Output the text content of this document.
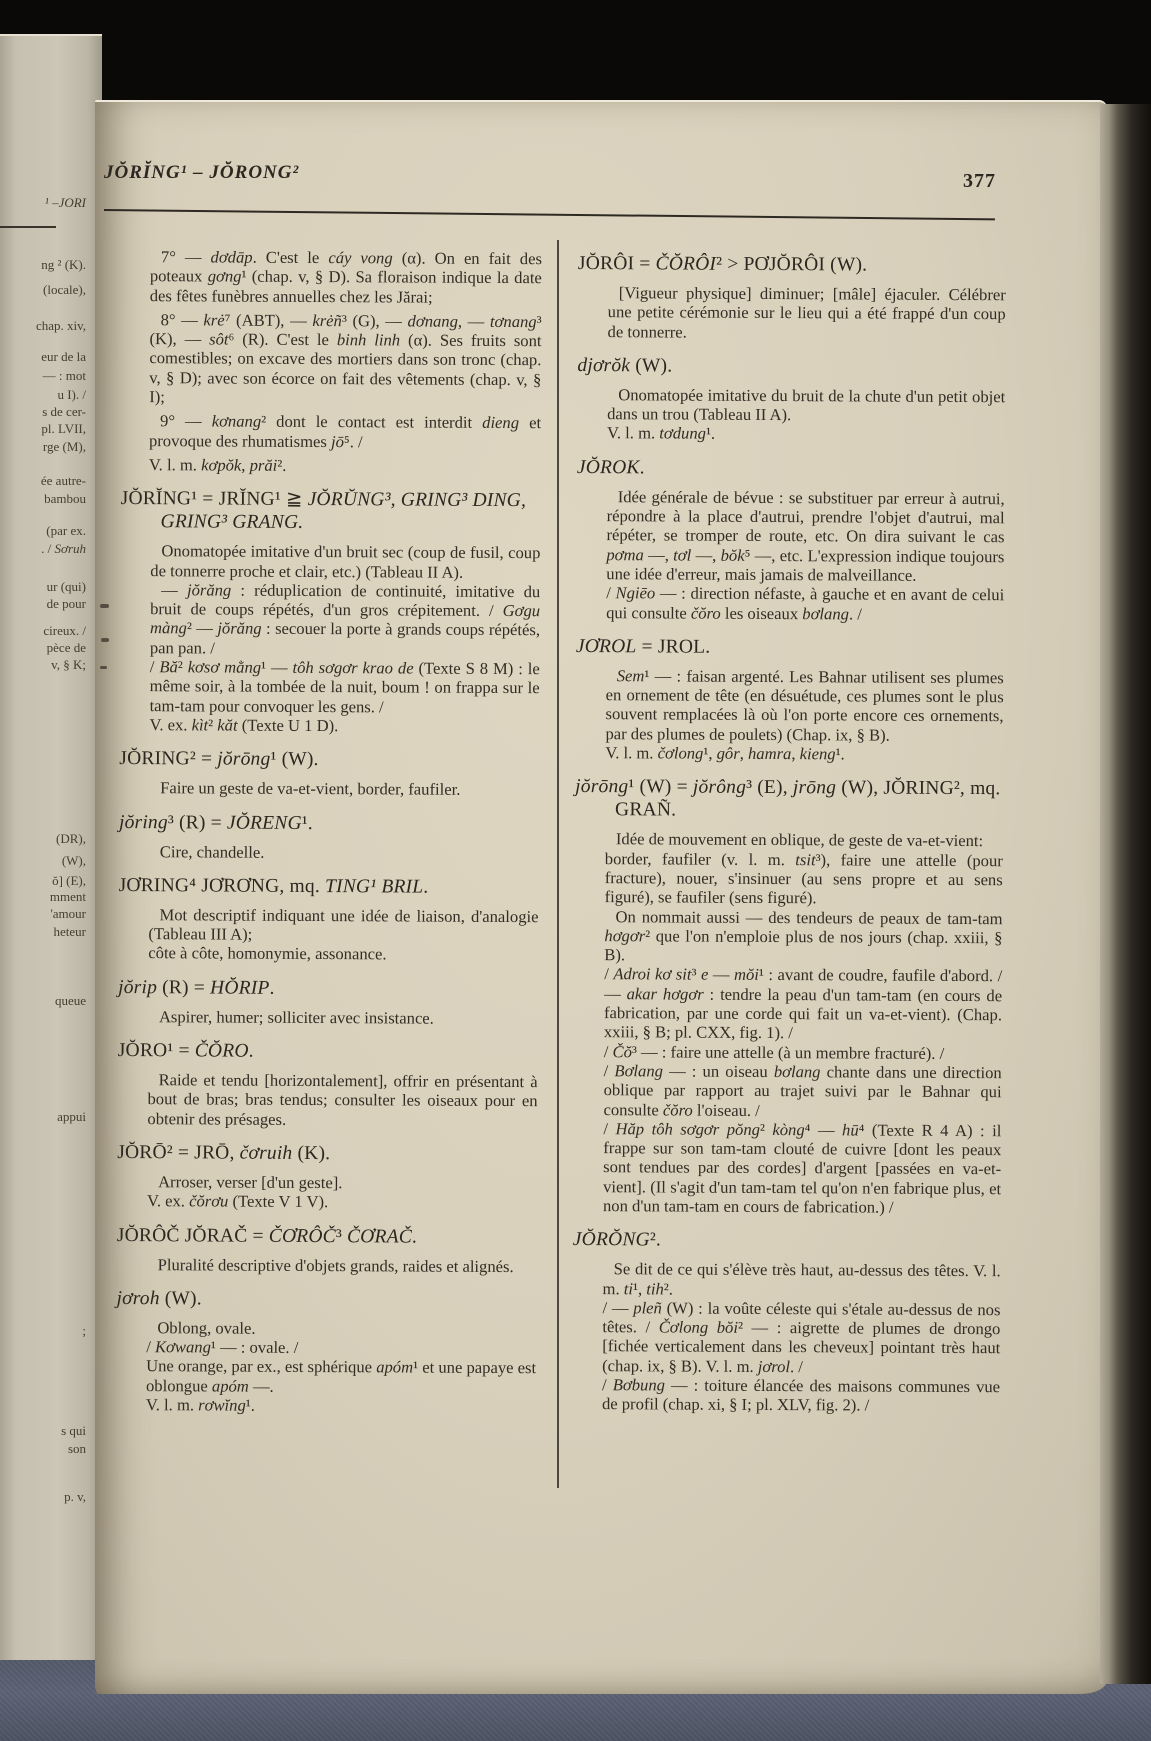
¹ –JORI
ng ² (K).
(locale),
chap. xiv,
eur de la
— : mot
u I). /
s de cer-
pl. LVII,
rge (M),
ée autre-
bambou
(par ex.
. / Sơruh
ur (qui)
de pour
cireux. /
pèce de
v, § K;
(DR),
(W),
ŏ] (E),
mment
'amour
heteur
queue
appui
;
s qui
son
p. v,
JŎRĬNG¹ – JŎRONG²	377

7° — dơdāp. C'est le cáy vong (α). On en fait des poteaux gơng¹ (chap. v, § D). Sa floraison indique la date des fêtes funèbres annuelles chez les Jărai;

8° — krė⁷ (ABT), — krėñ³ (G), — dơnang, — tơnang³ (K), — sôt⁶ (R). C'est le binh linh (α). Ses fruits sont comestibles; on excave des mortiers dans son tronc (chap. v, § D); avec son écorce on fait des vêtements (chap. v, § I);

9° — kơnang² dont le contact est interdit dieng et provoque des rhumatismes jō⁵. /

V. l. m. kơpŏk, prăi².

JŎRĬNG¹ = JRĬNG¹ ≧ JŎRŬNG³, GRING³ DING, GRING³ GRANG.

Onomatopée imitative d'un bruit sec (coup de fusil, coup de tonnerre proche et clair, etc.) (Tableau II A).

— jŏrăng : réduplication de continuité, imitative du bruit de coups répétés, d'un gros crépitement. / Gơgu màng² — jŏrăng : secouer la porte à grands coups répétés, pan pan. /

/ Bă² kơsơ mằng¹ — tôh sơgơr krao de (Texte S 8 M) : le même soir, à la tombée de la nuit, boum ! on frappa sur le tam-tam pour convoquer les gens. /

V. ex. kìt² kăt (Texte U 1 D).

JŎRING² = jŏrōng¹ (W).

Faire un geste de va-et-vient, border, faufiler.

jŏring³ (R) = JŎRENG¹.

Cire, chandelle.

JƠRING⁴ JƠRƠNG, mq. TING¹ BRIL.

Mot descriptif indiquant une idée de liaison, d'analogie (Tableau III A);

côte à côte, homonymie, assonance.

jŏrip (R) = HŎRIP.

Aspirer, humer; solliciter avec insistance.

JŎRO¹ = ČŎRO.

Raide et tendu [horizontalement], offrir en présentant à bout de bras; bras tendus; consulter les oiseaux pour en obtenir des présages.

JŎRŌ² = JRŌ, čơruih (K).

Arroser, verser [d'un geste].

V. ex. čŏrơu (Texte V 1 V).

JŎRÔČ JŎRAČ = ČƠRÔČ³ ČƠRAČ.

Pluralité descriptive d'objets grands, raides et alignés.

jơroh (W).

Oblong, ovale.

/ Kơwang¹ — : ovale. /

Une orange, par ex., est sphérique apóm¹ et une papaye est oblongue apóm —.

V. l. m. rơwĭng¹.

JŎRÔI = ČŎRÔI² > PƠJŎRÔI (W).

[Vigueur physique] diminuer; [mâle] éjaculer. Célébrer une petite cérémonie sur le lieu qui a été frappé d'un coup de tonnerre.

djơrŏk (W).

Onomatopée imitative du bruit de la chute d'un petit objet dans un trou (Tableau II A).

V. l. m. tơdung¹.

JŎROK.

Idée générale de bévue : se substituer par erreur à autrui, répondre à la place d'autrui, prendre l'objet d'autrui, mal répéter, se tromper de route, etc. On dira suivant le cas pơma —, tơl —, bŏk⁵ —, etc. L'expression indique toujours une idée d'erreur, mais jamais de malveillance.

/ Ngiēo — : direction néfaste, à gauche et en avant de celui qui consulte čŏro les oiseaux bơlang. /

JƠROL = JROL.

Sem¹ — : faisan argenté. Les Bahnar utilisent ses plumes en ornement de tête (en désuétude, ces plumes sont le plus souvent remplacées là où l'on porte encore ces ornements, par des plumes de poulets) (Chap. ix, § B).

V. l. m. čơlong¹, gôr, hamra, kieng¹.

jŏrōng¹ (W) = jŏrông³ (E), jrōng (W), JŎRING², mq. GRAÑ.

Idée de mouvement en oblique, de geste de va-et-vient:

border, faufiler (v. l. m. tsit³), faire une attelle (pour fracture), nouer, s'insinuer (au sens propre et au sens figuré), se faufiler (sens figuré).

On nommait aussi — des tendeurs de peaux de tam-tam hơgơr² que l'on n'emploie plus de nos jours (chap. xxiii, § B).

/ Adroi kơ sit³ e — mŏi¹ : avant de coudre, faufile d'abord. / — akar hơgơr : tendre la peau d'un tam-tam (en cours de fabrication, par une corde qui fait un va-et-vient). (Chap. xxiii, § B; pl. CXX, fig. 1). /

/ Čŏ³ — : faire une attelle (à un membre fracturé). /

/ Bơlang — : un oiseau bơlang chante dans une direction oblique par rapport au trajet suivi par le Bahnar qui consulte čŏro l'oiseau. /

/ Hăp tôh sơgơr pŏng² kòng⁴ — hū⁴ (Texte R 4 A) : il frappe sur son tam-tam clouté de cuivre [dont les peaux sont tendues par des cordes] d'argent [passées en va-et-vient]. (Il s'agit d'un tam-tam tel qu'on n'en fabrique plus, et non d'un tam-tam en cours de fabrication.) /

JŎRŎNG².

Se dit de ce qui s'élève très haut, au-dessus des têtes. V. l. m. ti¹, tih².

/ — pleñ (W) : la voûte céleste qui s'étale au-dessus de nos têtes. / Čơlong bŏi² — : aigrette de plumes de drongo [fichée verticalement dans les cheveux] pointant très haut (chap. ix, § B). V. l. m. jơrol. /

/ Bơbung — : toiture élancée des maisons communes vue de profil (chap. xi, § I; pl. XLV, fig. 2). /
